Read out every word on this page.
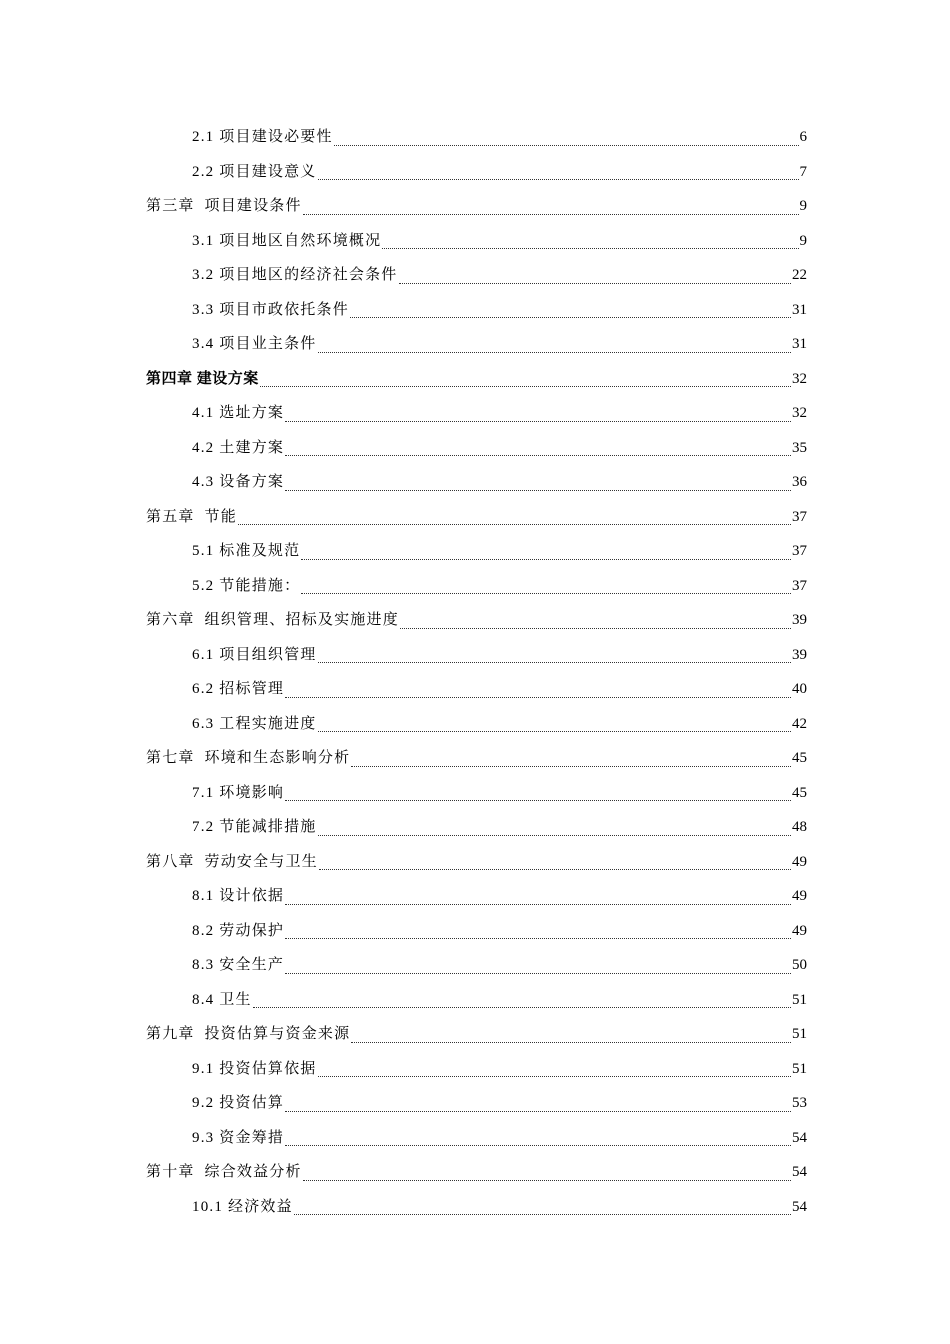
2.1 项目建设必要性	6
2.2 项目建设意义	7
第三章  项目建设条件	9
3.1 项目地区自然环境概况	9
3.2 项目地区的经济社会条件	22
3.3 项目市政依托条件	31
3.4 项目业主条件	31
第四章 建设方案	32
4.1 选址方案	32
4.2 土建方案	35
4.3 设备方案	36
第五章  节能	37
5.1 标准及规范	37
5.2 节能措施：	37
第六章  组织管理、招标及实施进度	39
6.1 项目组织管理	39
6.2 招标管理	40
6.3 工程实施进度	42
第七章  环境和生态影响分析	45
7.1 环境影响	45
7.2 节能减排措施	48
第八章  劳动安全与卫生	49
8.1 设计依据	49
8.2 劳动保护	49
8.3 安全生产	50
8.4 卫生	51
第九章  投资估算与资金来源	51
9.1 投资估算依据	51
9.2 投资估算	53
9.3 资金筹措	54
第十章  综合效益分析	54
10.1 经济效益	54
